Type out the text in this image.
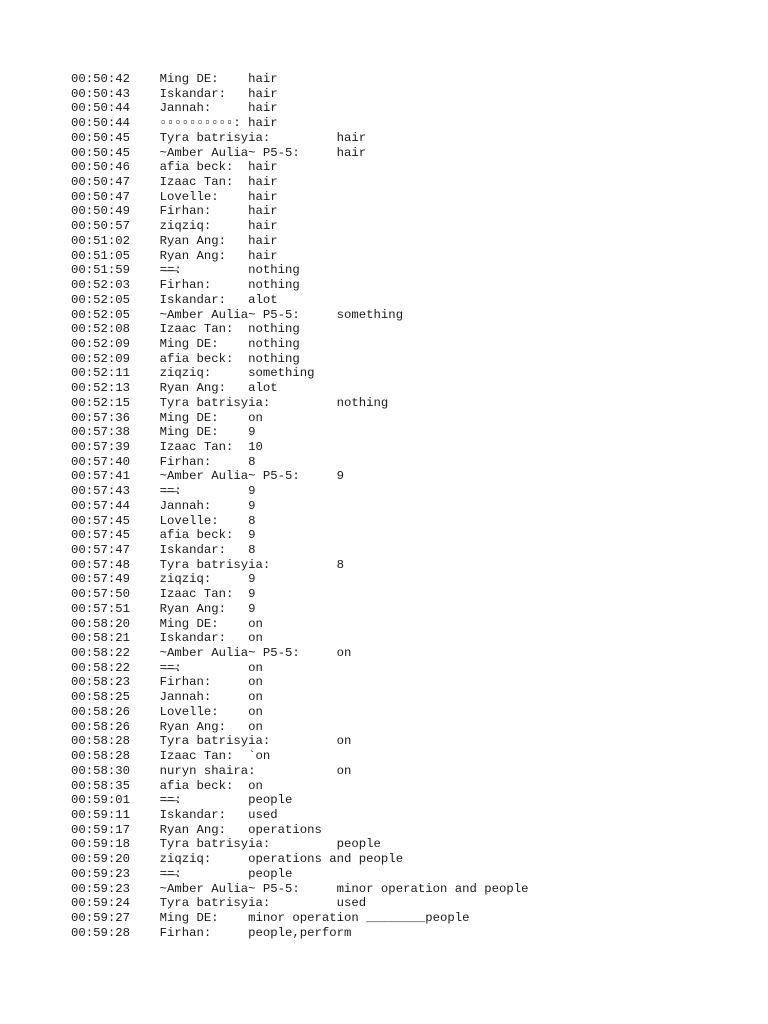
00:50:42	Ming DE:	hair
00:50:43	Iskandar:	hair
00:50:44	Jannah:		hair
00:50:44	▫▫▫▫▫▫▫▫▫▫:	hair
00:50:45	Tyra batrisyia:		hair
00:50:45	~Amber Aulia~ P5-5:		hair
00:50:46	afia beck:	hair
00:50:47	Izaac Tan:	hair
00:50:47	Lovelle:	hair
00:50:49	Firhan:		hair
00:50:57	ziqziq:		hair
00:51:02	Ryan Ang:	hair
00:51:05	Ryan Ang:	hair
00:51:59	=̶=̶:		nothing
00:52:03	Firhan:		nothing
00:52:05	Iskandar:	alot
00:52:05	~Amber Aulia~ P5-5:		something
00:52:08	Izaac Tan:	nothing
00:52:09	Ming DE:	nothing
00:52:09	afia beck:	nothing
00:52:11	ziqziq:		something
00:52:13	Ryan Ang:	alot
00:52:15	Tyra batrisyia:		nothing
00:57:36	Ming DE:	on
00:57:38	Ming DE:	9
00:57:39	Izaac Tan:	10
00:57:40	Firhan:		8
00:57:41	~Amber Aulia~ P5-5:		9
00:57:43	=̶=̶:		9
00:57:44	Jannah:		9
00:57:45	Lovelle:	8
00:57:45	afia beck:	9
00:57:47	Iskandar:	8
00:57:48	Tyra batrisyia:		8
00:57:49	ziqziq:		9
00:57:50	Izaac Tan:	9
00:57:51	Ryan Ang:	9
00:58:20	Ming DE:	on
00:58:21	Iskandar:	on
00:58:22	~Amber Aulia~ P5-5:		on
00:58:22	=̶=̶:		on
00:58:23	Firhan:		on
00:58:25	Jannah:		on
00:58:26	Lovelle:	on
00:58:26	Ryan Ang:	on
00:58:28	Tyra batrisyia:		on
00:58:28	Izaac Tan:	`on
00:58:30	nuryn shaira:		on
00:58:35	afia beck:	on
00:59:01	=̶=̶:		people
00:59:11	Iskandar:	used
00:59:17	Ryan Ang:	operations
00:59:18	Tyra batrisyia:		people
00:59:20	ziqziq:		operations and people
00:59:23	=̶=̶:		people
00:59:23	~Amber Aulia~ P5-5:		minor operation and people
00:59:24	Tyra batrisyia:		used
00:59:27	Ming DE:	minor operation ________people
00:59:28	Firhan:		people,perform
